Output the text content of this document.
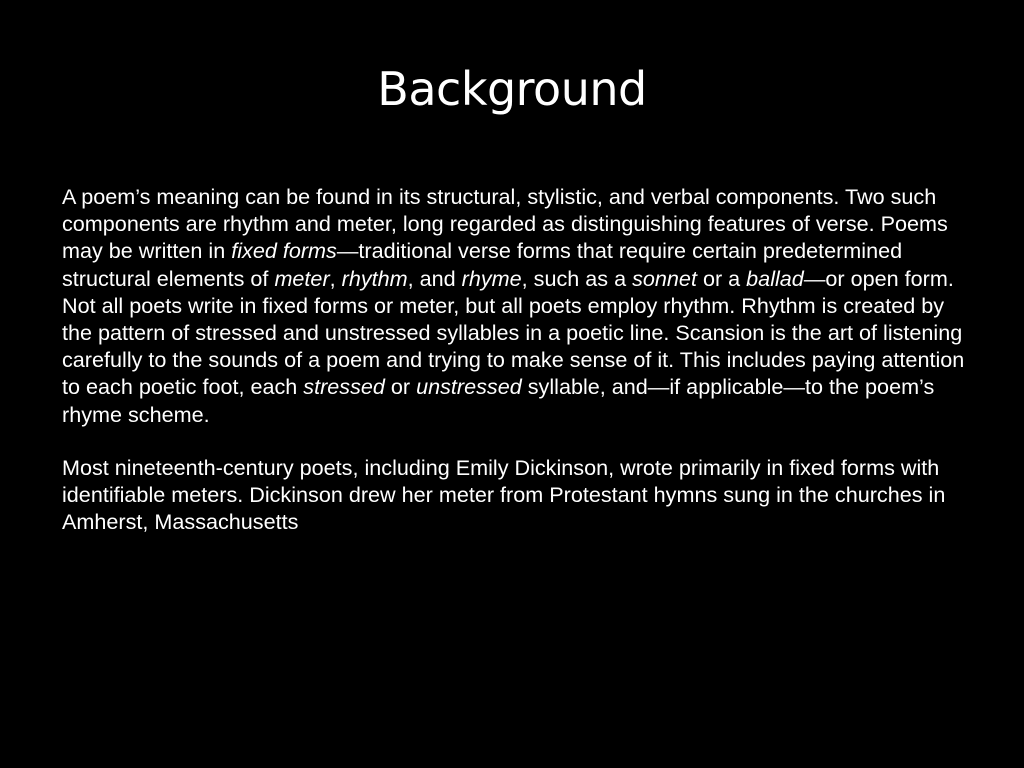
Background

A poem’s meaning can be found in its structural, stylistic, and verbal components. Two such components are rhythm and meter, long regarded as distinguishing features of verse. Poems may be written in fixed forms—traditional verse forms that require certain predetermined structural elements of meter, rhythm, and rhyme, such as a sonnet or a ballad—or open form. Not all poets write in fixed forms or meter, but all poets employ rhythm. Rhythm is created by the pattern of stressed and unstressed syllables in a poetic line. Scansion is the art of listening carefully to the sounds of a poem and trying to make sense of it. This includes paying attention to each poetic foot, each stressed or unstressed syllable, and—if applicable—to the poem’s rhyme scheme.

Most nineteenth-century poets, including Emily Dickinson, wrote primarily in fixed forms with identifiable meters. Dickinson drew her meter from Protestant hymns sung in the churches in Amherst, Massachusetts
